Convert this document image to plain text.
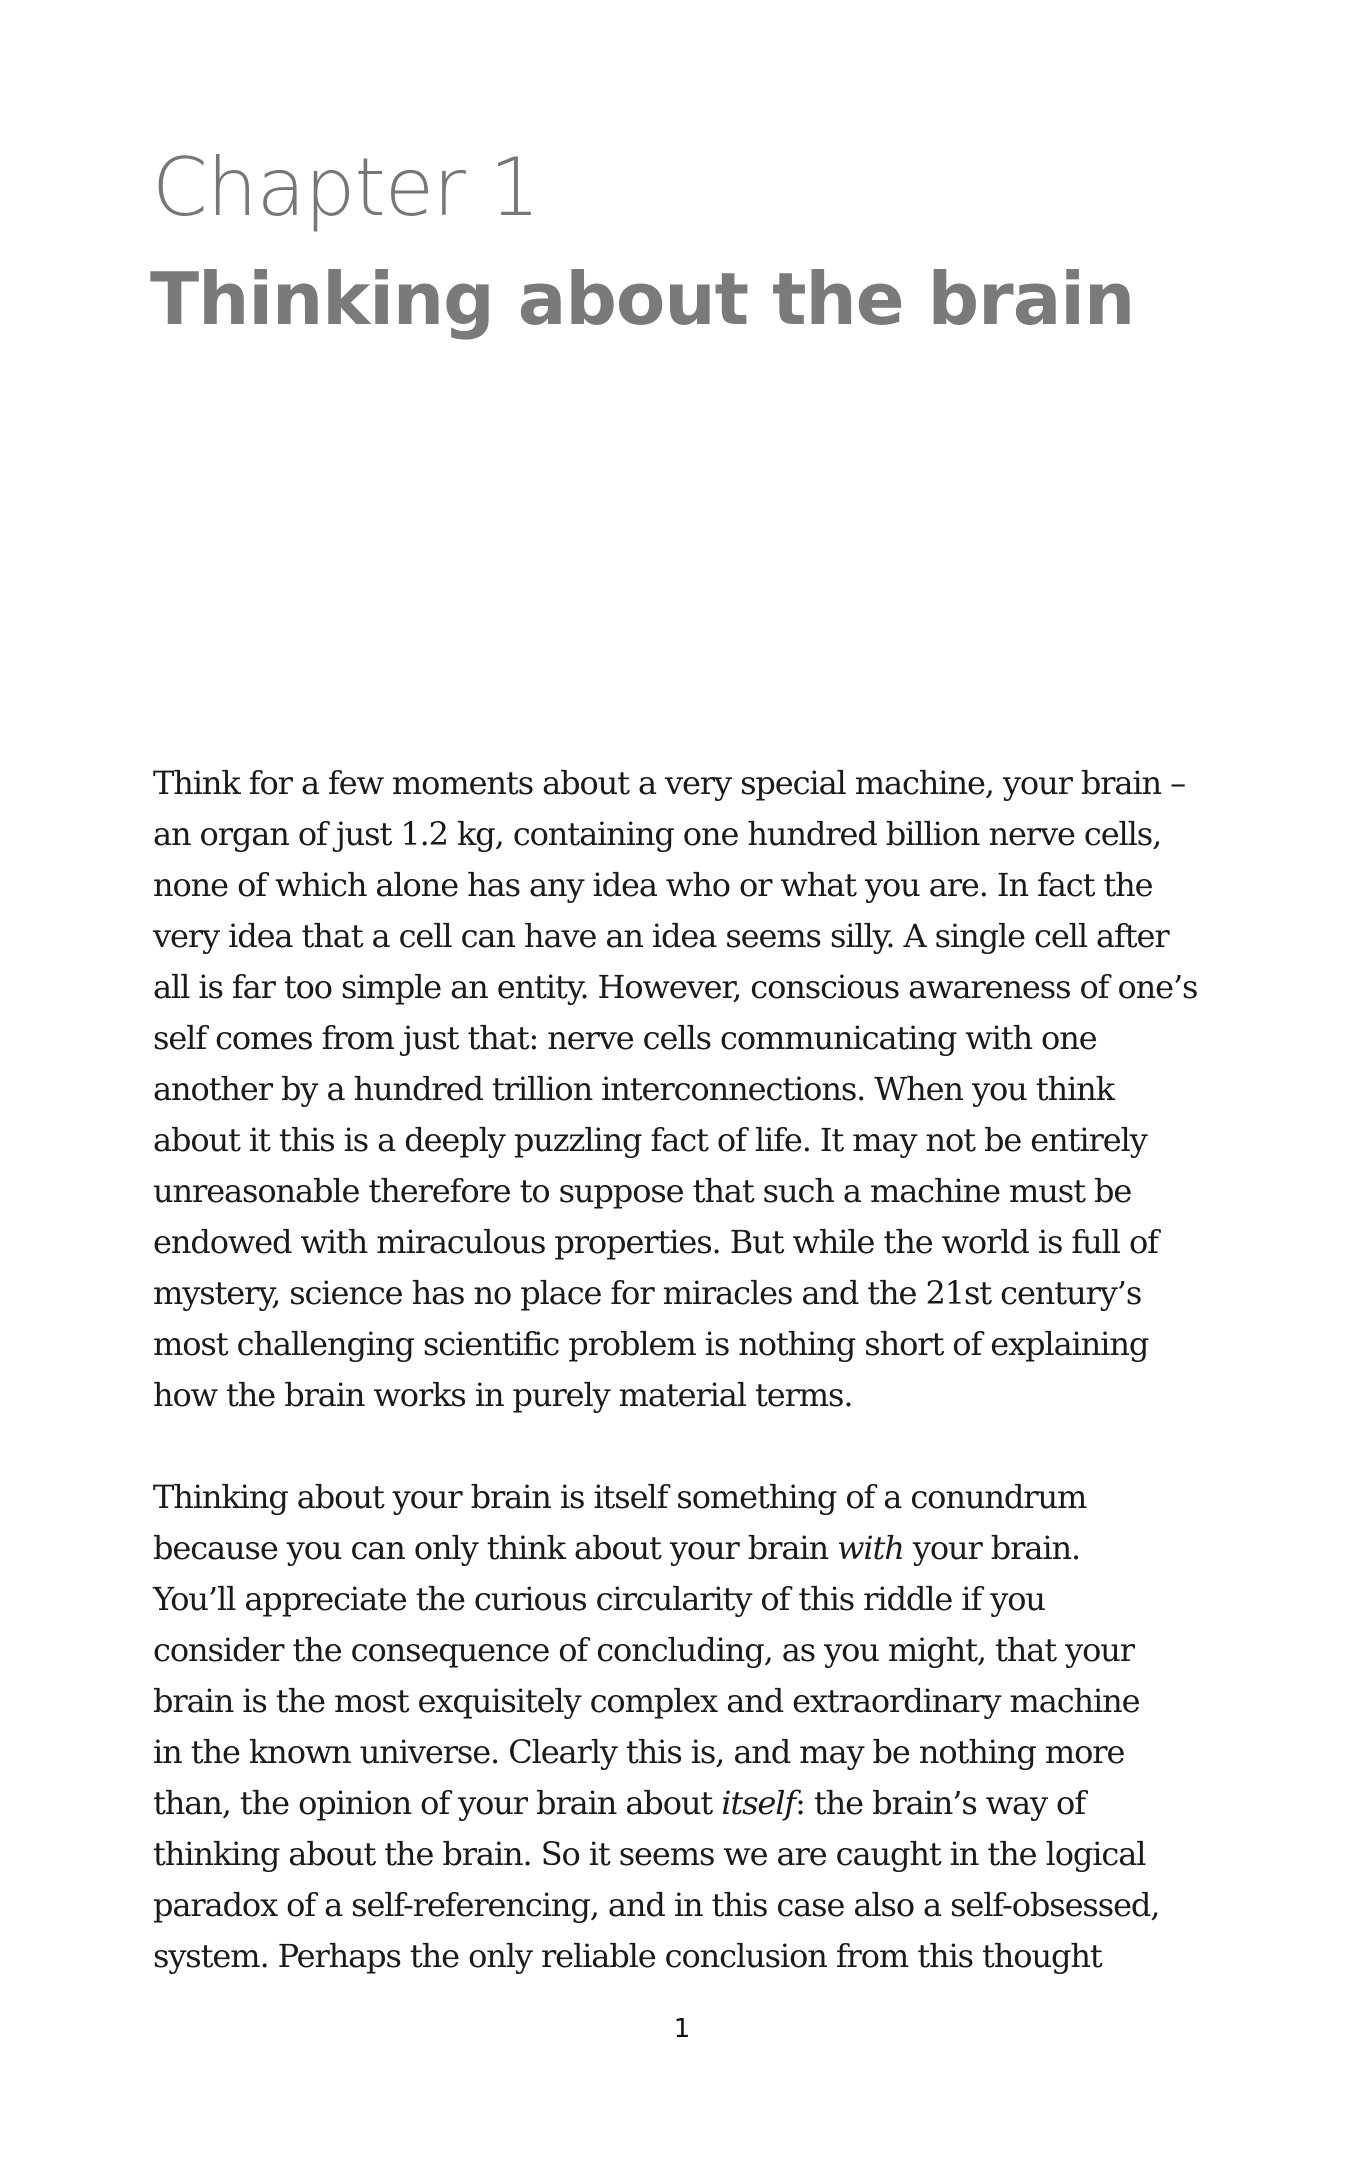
Chapter 1
Thinking about the brain
Think for a few moments about a very special machine, your brain –
an organ of just 1.2 kg, containing one hundred billion nerve cells,
none of which alone has any idea who or what you are. In fact the
very idea that a cell can have an idea seems silly. A single cell after
all is far too simple an entity. However, conscious awareness of one’s
self comes from just that: nerve cells communicating with one
another by a hundred trillion interconnections. When you think
about it this is a deeply puzzling fact of life. It may not be entirely
unreasonable therefore to suppose that such a machine must be
endowed with miraculous properties. But while the world is full of
mystery, science has no place for miracles and the 21st century’s
most challenging scientific problem is nothing short of explaining
how the brain works in purely material terms.
Thinking about your brain is itself something of a conundrum
because you can only think about your brain with your brain.
You’ll appreciate the curious circularity of this riddle if you
consider the consequence of concluding, as you might, that your
brain is the most exquisitely complex and extraordinary machine
in the known universe. Clearly this is, and may be nothing more
than, the opinion of your brain about itself: the brain’s way of
thinking about the brain. So it seems we are caught in the logical
paradox of a self-referencing, and in this case also a self-obsessed,
system. Perhaps the only reliable conclusion from this thought
1
